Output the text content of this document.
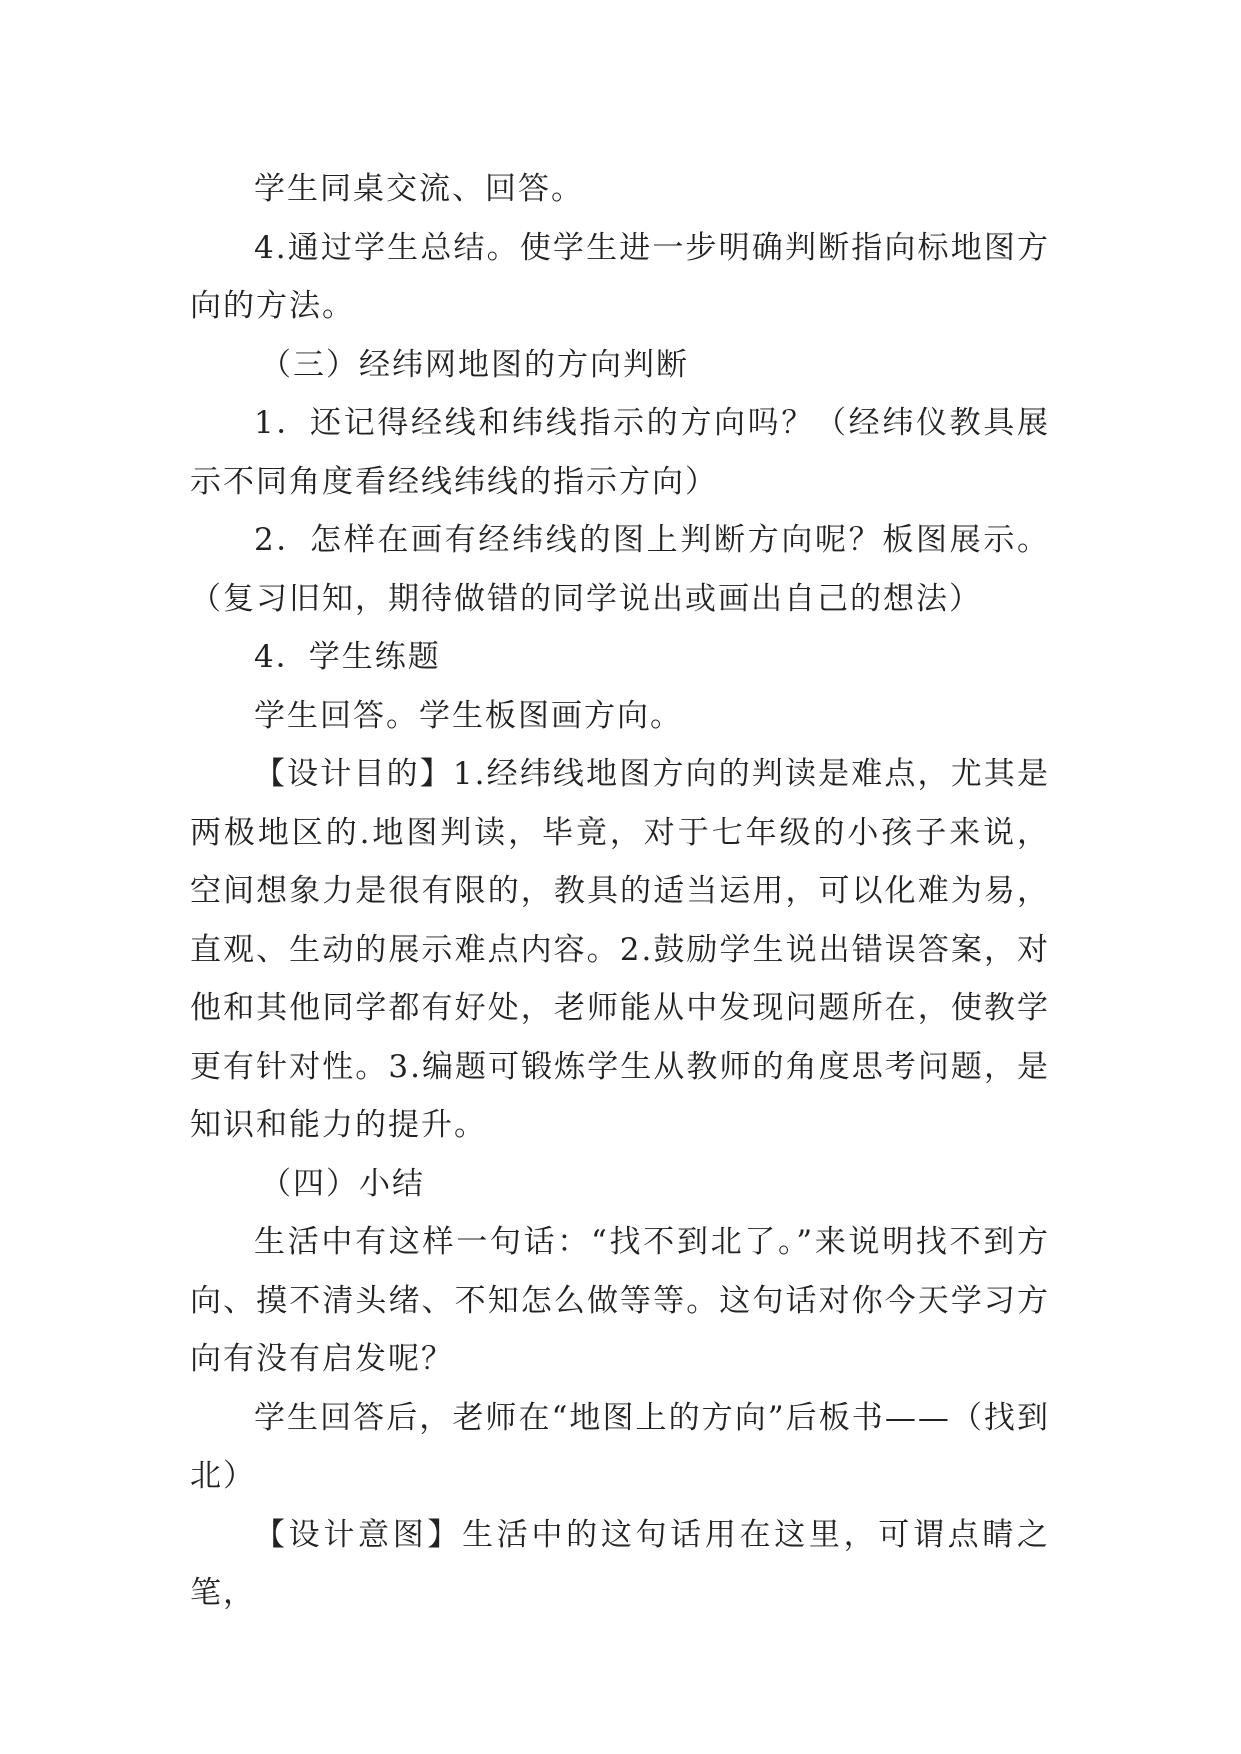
学生同桌交流、回答。

4.通过学生总结。使学生进一步明确判断指向标地图方向的方法。

（三）经纬网地图的方向判断

1．还记得经线和纬线指示的方向吗？（经纬仪教具展示不同角度看经线纬线的指示方向）

2．怎样在画有经纬线的图上判断方向呢？板图展示。（复习旧知，期待做错的同学说出或画出自己的想法）

4．学生练题

学生回答。学生板图画方向。

【设计目的】1.经纬线地图方向的判读是难点，尤其是两极地区的.地图判读，毕竟，对于七年级的小孩子来说，空间想象力是很有限的，教具的适当运用，可以化难为易，直观、生动的展示难点内容。2.鼓励学生说出错误答案，对他和其他同学都有好处，老师能从中发现问题所在，使教学更有针对性。3.编题可锻炼学生从教师的角度思考问题，是知识和能力的提升。

（四）小结

生活中有这样一句话：“找不到北了。”来说明找不到方向、摸不清头绪、不知怎么做等等。这句话对你今天学习方向有没有启发呢？

学生回答后，老师在“地图上的方向”后板书——（找到北）

【设计意图】生活中的这句话用在这里，可谓点睛之笔，
